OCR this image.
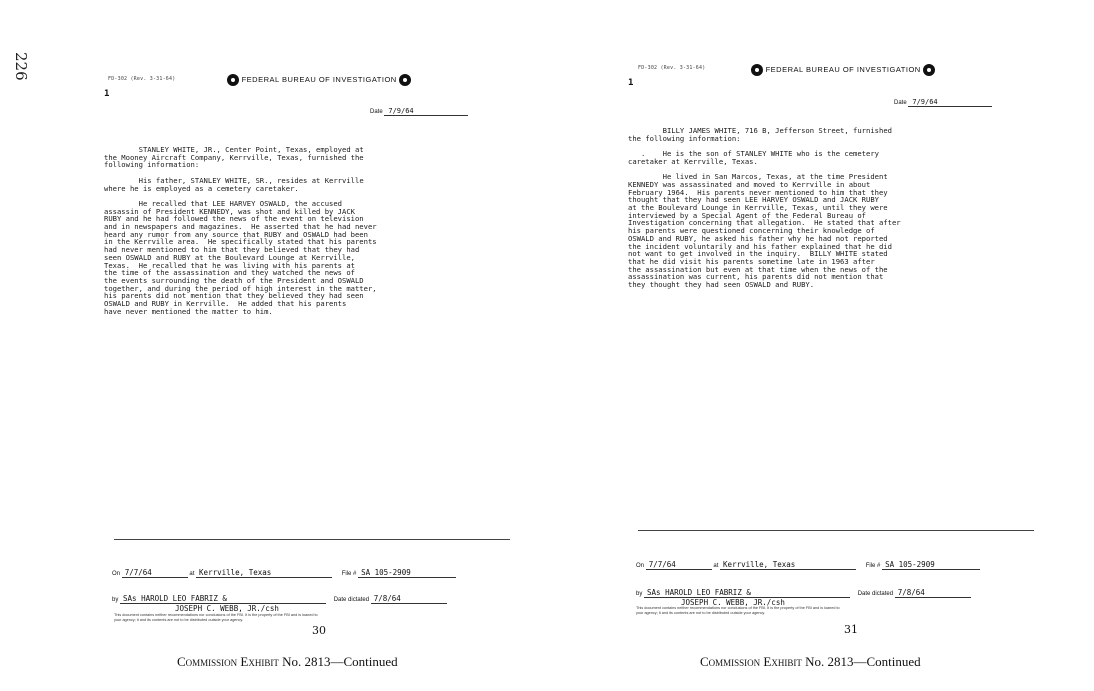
226	FD-302 (Rev. 3-31-64)
1
FEDERAL BUREAU OF INVESTIGATION
Date 7/9/64
STANLEY WHITE, JR., Center Point, Texas, employed at
the Mooney Aircraft Company, Kerrville, Texas, furnished the
following information:

His father, STANLEY WHITE, SR., resides at Kerrville
where he is employed as a cemetery caretaker.

He recalled that LEE HARVEY OSWALD, the accused
assassin of President KENNEDY, was shot and killed by JACK
RUBY and he had followed the news of the event on television
and in newspapers and magazines.  He asserted that he had never
heard any rumor from any source that RUBY and OSWALD had been
in the Kerrville area.  He specifically stated that his parents
had never mentioned to him that they believed that they had
seen OSWALD and RUBY at the Boulevard Lounge at Kerrville,
Texas.  He recalled that he was living with his parents at
the time of the assassination and they watched the news of
the events surrounding the death of the President and OSWALD
together, and during the period of high interest in the matter,
his parents did not mention that they believed they had seen
OSWALD and RUBY in Kerrville.  He added that his parents
have never mentioned the matter to him.
On 7/7/64	at Kerrville, Texas	File # SA 105-2909
by SAs HAROLD LEO FABRIZ &	Date dictated 7/8/64
JOSEPH C. WEBB, JR./csh
This document contains neither recommendations nor conclusions of the FBI. It is the property of the FBI and is loaned to
your agency; it and its contents are not to be distributed outside your agency.
30
Commission Exhibit No. 2813—Continued
FD-302 (Rev. 3-31-64)
1
FEDERAL BUREAU OF INVESTIGATION
Date 7/9/64
BILLY JAMES WHITE, 716 B, Jefferson Street, furnished
the following information:

.    He is the son of STANLEY WHITE who is the cemetery
caretaker at Kerrville, Texas.

He lived in San Marcos, Texas, at the time President
KENNEDY was assassinated and moved to Kerrville in about
February 1964.  His parents never mentioned to him that they
thought that they had seen LEE HARVEY OSWALD and JACK RUBY
at the Boulevard Lounge in Kerrville, Texas, until they were
interviewed by a Special Agent of the Federal Bureau of
Investigation concerning that allegation.  He stated that after
his parents were questioned concerning their knowledge of
OSWALD and RUBY, he asked his father why he had not reported
the incident voluntarily and his father explained that he did
not want to get involved in the inquiry.  BILLY WHITE stated
that he did visit his parents sometime late in 1963 after
the assassination but even at that time when the news of the
assassination was current, his parents did not mention that
they thought they had seen OSWALD and RUBY.
On 7/7/64	at Kerrville, Texas	File # SA 105-2909
by SAs HAROLD LEO FABRIZ &	Date dictated 7/8/64
JOSEPH C. WEBB, JR./csh
This document contains neither recommendations nor conclusions of the FBI. It is the property of the FBI and is loaned to
your agency; it and its contents are not to be distributed outside your agency.
31
Commission Exhibit No. 2813—Continued
